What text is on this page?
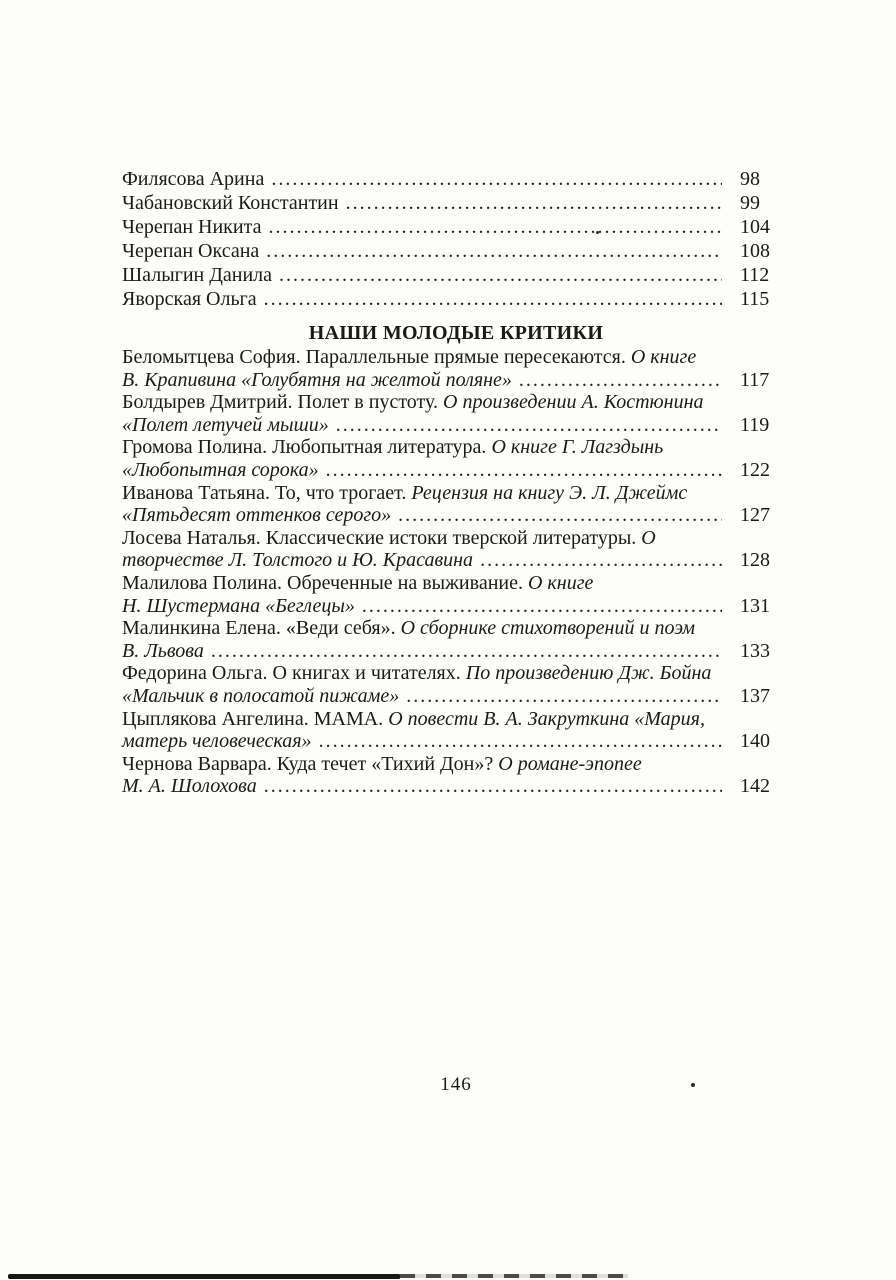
Филясова Арина .....	98
Чабановский Константин .....	99
Черепан Никита .....	104
Черепан Оксана .....	108
Шалыгин Данила .....	112
Яворская Ольга .....	115
НАШИ МОЛОДЫЕ КРИТИКИ
Беломытцева София. Параллельные прямые пересекаются. О книге
В. Крапивина «Голубятня на желтой поляне» .....	117
Болдырев Дмитрий. Полет в пустоту. О произведении А. Костюнина
«Полет летучей мыши» .....	119
Громова Полина. Любопытная литература. О книге Г. Лагздынь
«Любопытная сорока» .....	122
Иванова Татьяна. То, что трогает. Рецензия на книгу Э. Л. Джеймс
«Пятьдесят оттенков серого» .....	127
Лосева Наталья. Классические истоки тверской литературы. О
творчестве Л. Толстого и Ю. Красавина .....	128
Малилова Полина. Обреченные на выживание. О книге
Н. Шустермана «Беглецы» .....	131
Малинкина Елена. «Веди себя». О сборнике стихотворений и поэм
В. Львова .....	133
Федорина Ольга. О книгах и читателях. По произведению Дж. Бойна
«Мальчик в полосатой пижаме» .....	137
Цыплякова Ангелина. МАМА. О повести В. А. Закруткина «Мария,
матерь человеческая» .....	140
Чернова Варвара. Куда течет «Тихий Дон»? О романе-эпопее
М. А. Шолохова .....	142
146
